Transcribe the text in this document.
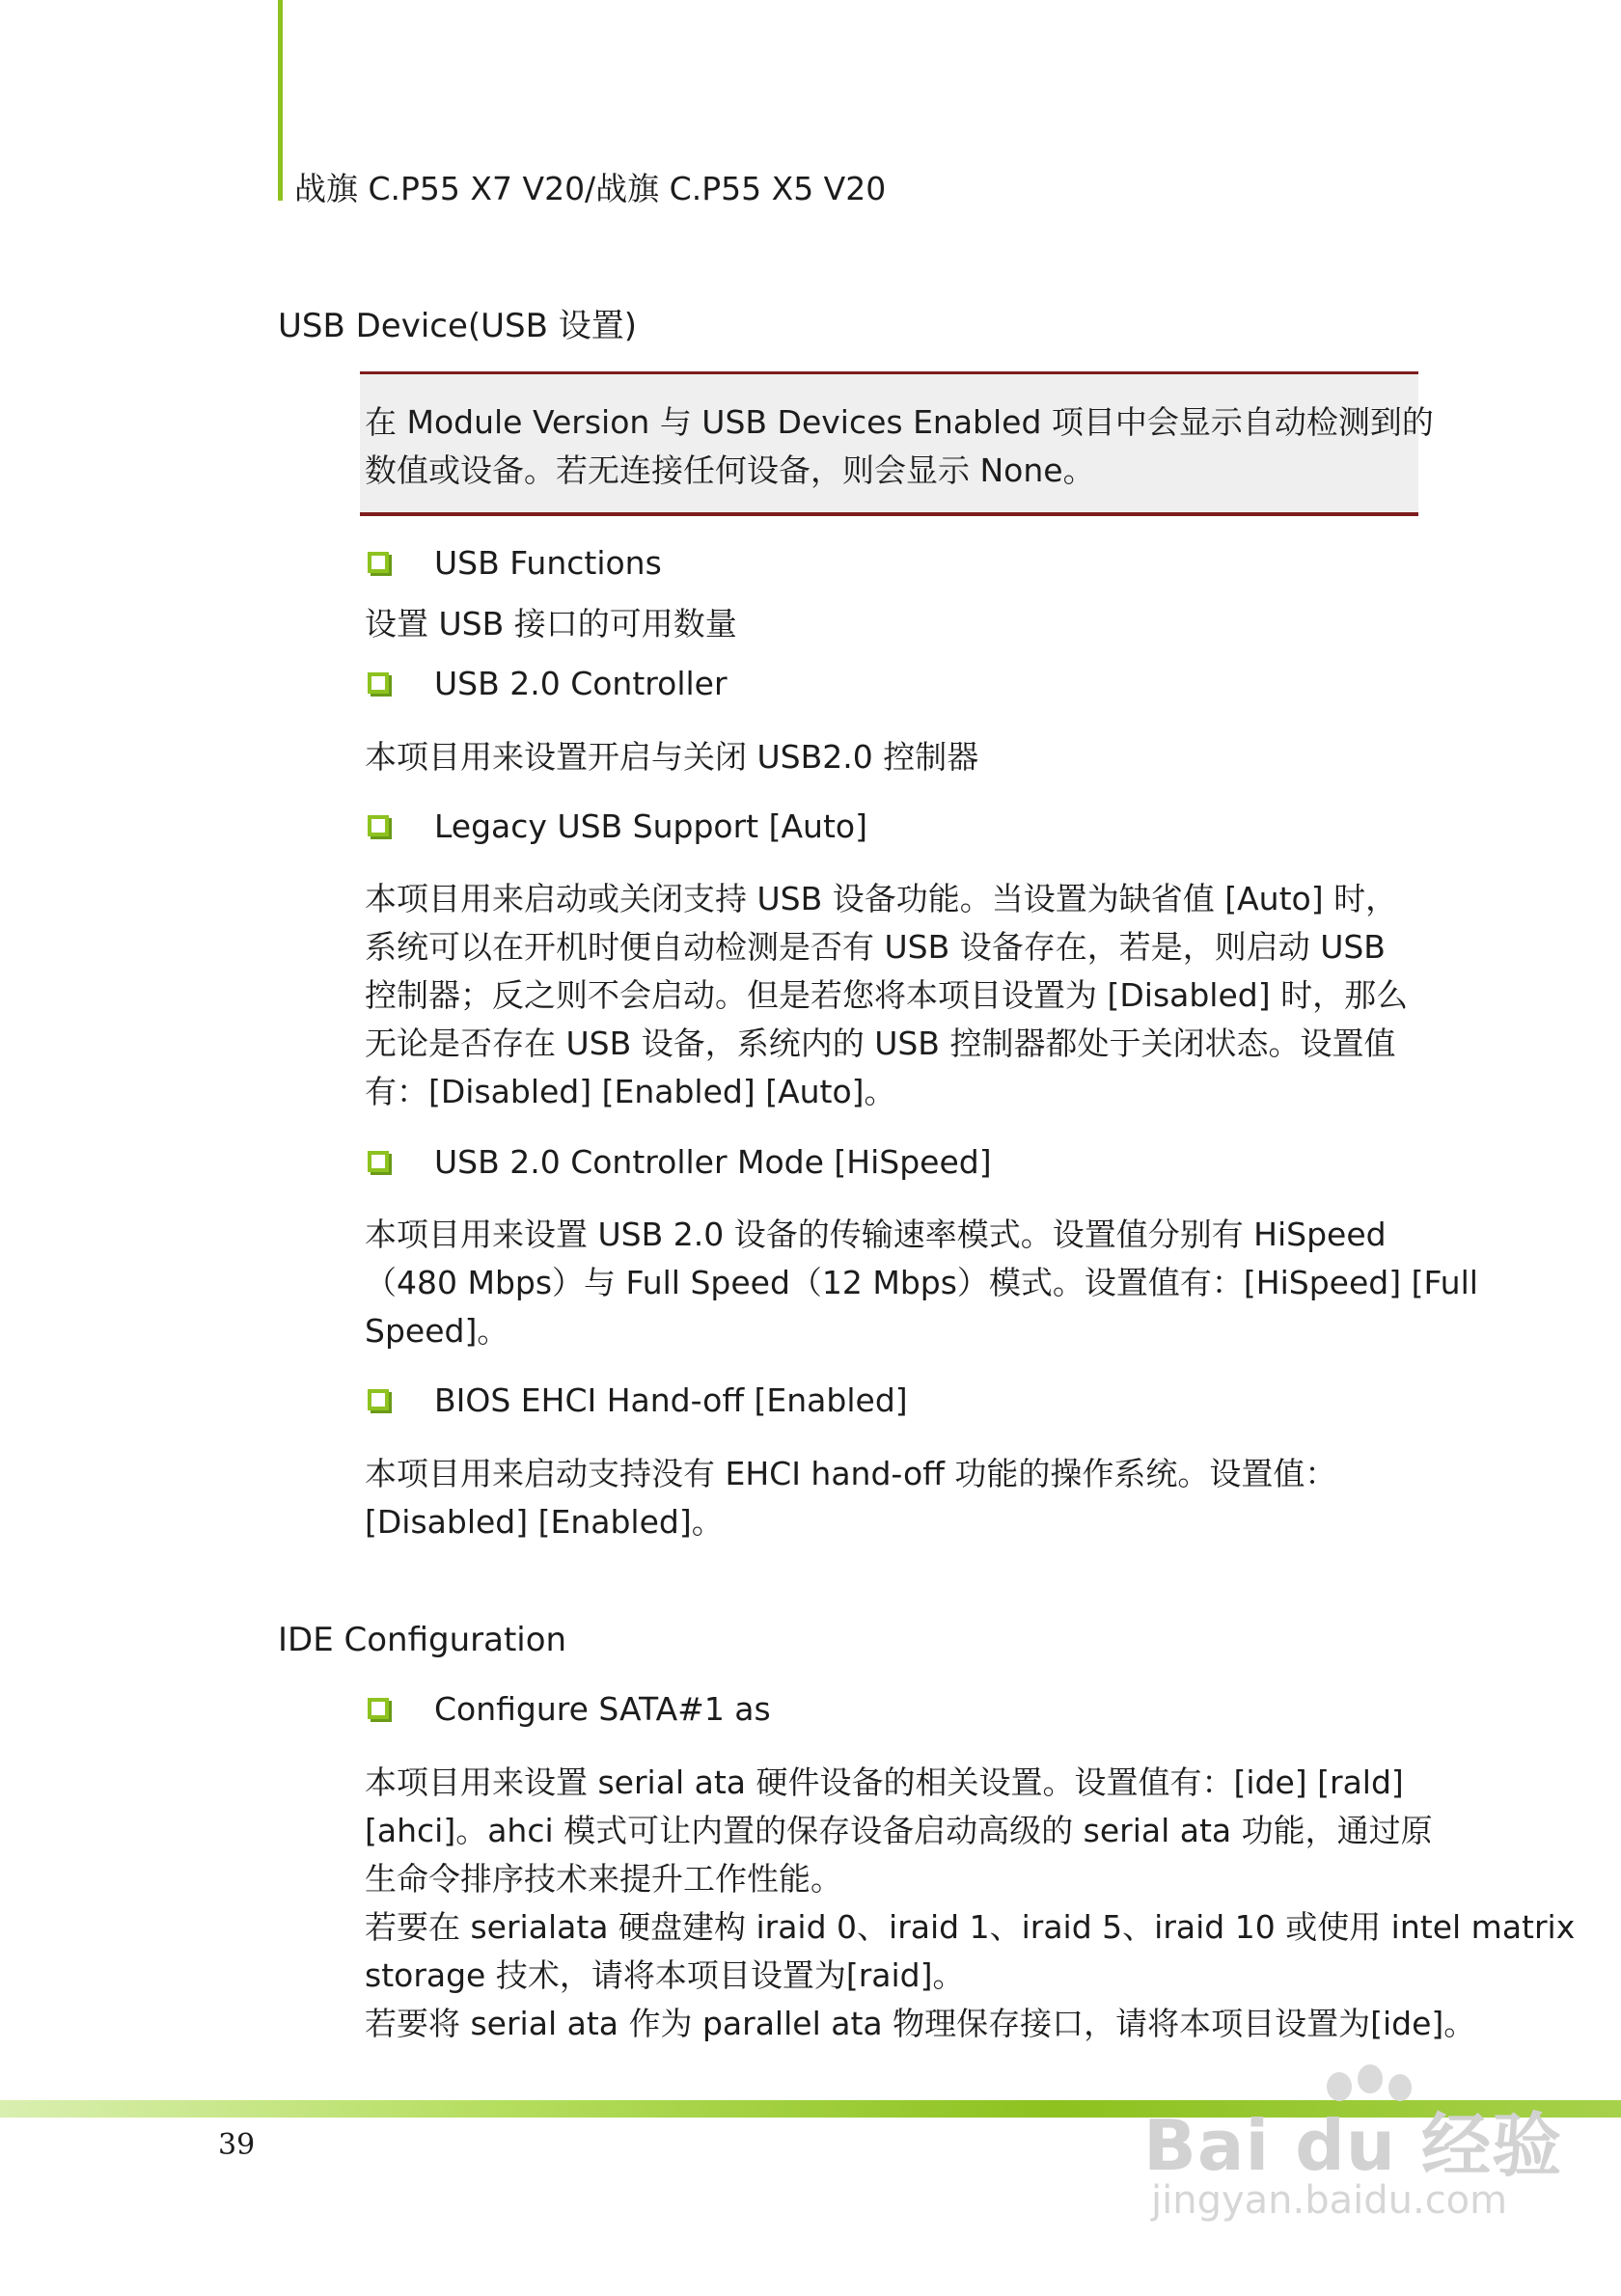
战旗 C.P55 X7 V20/战旗 C.P55 X5 V20
USB Device(USB 设置)
在 Module Version 与 USB Devices Enabled 项目中会显示自动检测到的
数值或设备。若无连接任何设备，则会显示 None。
USB Functions
设置 USB 接口的可用数量
USB 2.0 Controller
本项目用来设置开启与关闭 USB2.0 控制器
Legacy USB Support [Auto]
本项目用来启动或关闭支持 USB 设备功能。当设置为缺省值 [Auto] 时，
系统可以在开机时便自动检测是否有 USB 设备存在，若是，则启动 USB
控制器；反之则不会启动。但是若您将本项目设置为 [Disabled] 时，那么
无论是否存在 USB 设备，系统内的 USB 控制器都处于关闭状态。设置值
有：[Disabled] [Enabled] [Auto]。
USB 2.0 Controller Mode [HiSpeed]
本项目用来设置 USB 2.0 设备的传输速率模式。设置值分别有 HiSpeed
（480 Mbps）与 Full Speed（12 Mbps）模式。设置值有：[HiSpeed] [Full
Speed]。
BIOS EHCI Hand-off [Enabled]
本项目用来启动支持没有 EHCI hand-off 功能的操作系统。设置值：
[Disabled] [Enabled]。
IDE Configuration
Configure SATA#1 as
本项目用来设置 serial ata 硬件设备的相关设置。设置值有：[ide] [rald]
[ahci]。ahci 模式可让内置的保存设备启动高级的 serial ata 功能，通过原
生命令排序技术来提升工作性能。
若要在 serialata 硬盘建构 iraid 0、iraid 1、iraid 5、iraid 10 或使用 intel matrix
storage 技术，请将本项目设置为[raid]。
若要将 serial ata 作为 parallel ata 物理保存接口，请将本项目设置为[ide]。
39	Bai du 经验
jingyan.baidu.com
